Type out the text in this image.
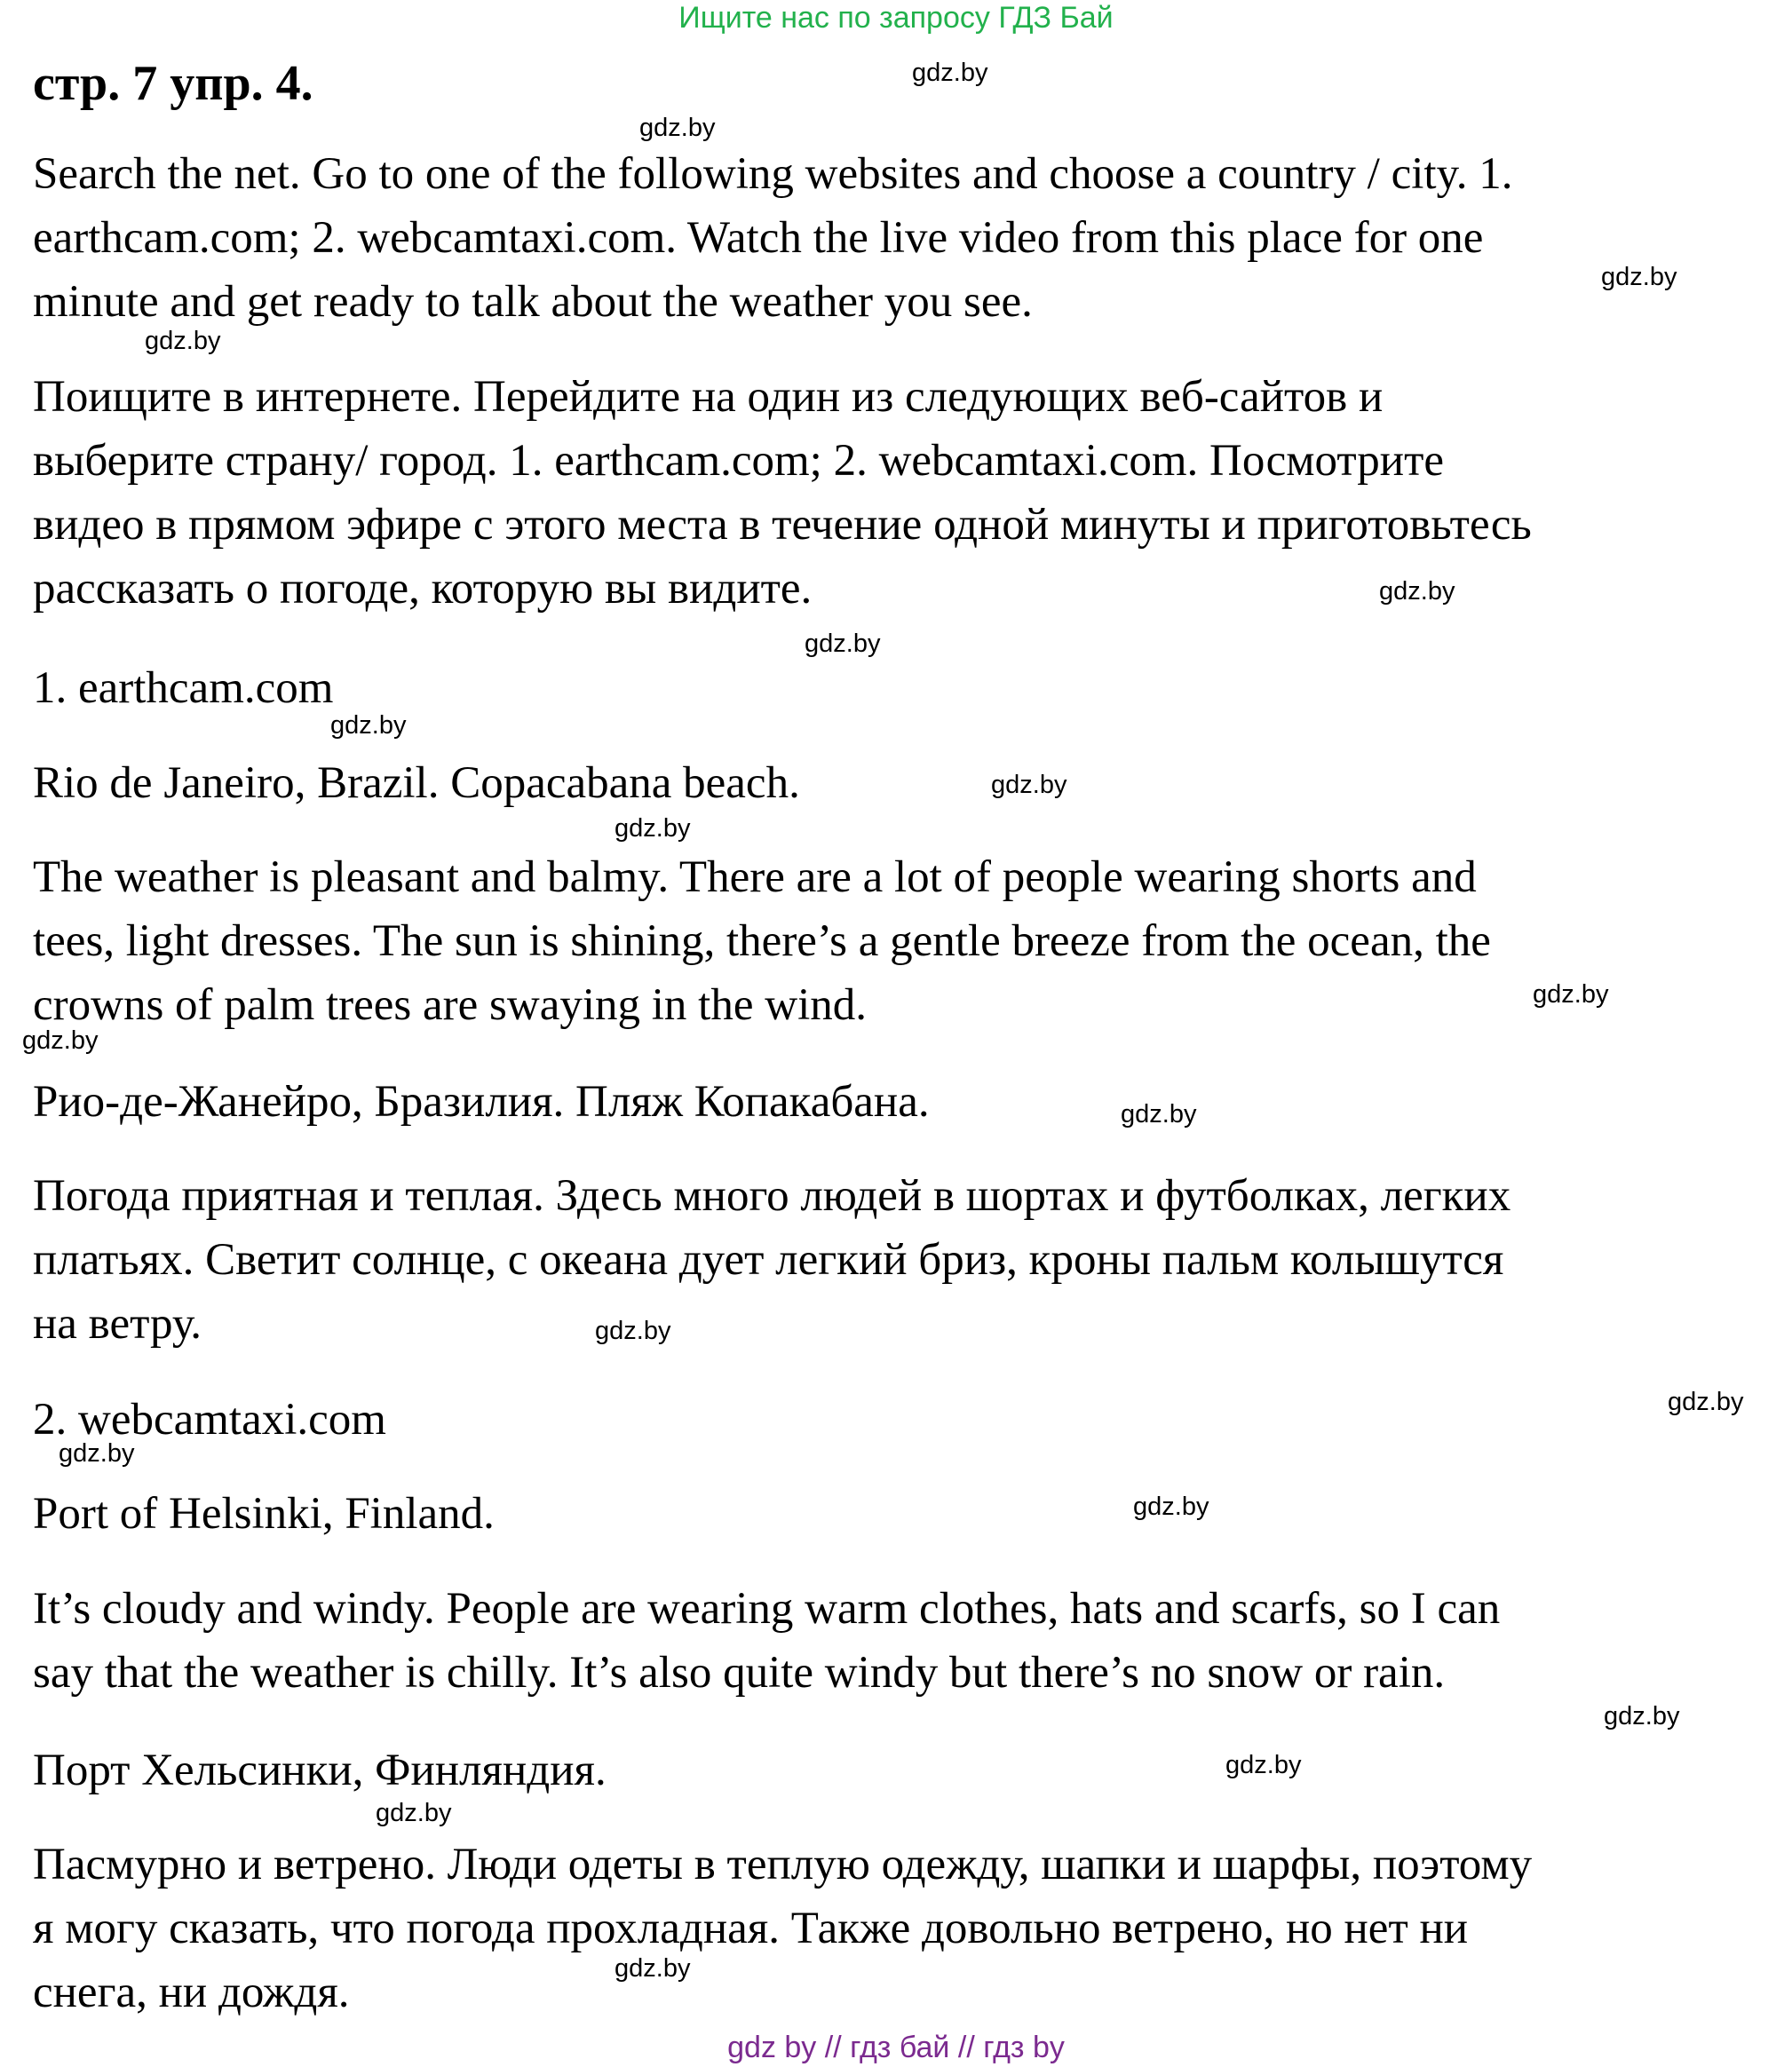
Ищите нас по запросу ГДЗ Бай
стр. 7 упр. 4.
Search the net. Go to one of the following websites and choose a country / city. 1.
earthcam.com; 2. webcamtaxi.com. Watch the live video from this place for one
minute and get ready to talk about the weather you see.
Поищите в интернете. Перейдите на один из следующих веб-сайтов и
выберите страну/ город. 1. earthcam.com; 2. webcamtaxi.com. Посмотрите
видео в прямом эфире с этого места в течение одной минуты и приготовьтесь
рассказать о погоде, которую вы видите.
1. earthcam.com
Rio de Janeiro, Brazil. Copacabana beach.
The weather is pleasant and balmy. There are a lot of people wearing shorts and
tees, light dresses. The sun is shining, there’s a gentle breeze from the ocean, the
crowns of palm trees are swaying in the wind.
Рио-де-Жанейро, Бразилия. Пляж Копакабана.
Погода приятная и теплая. Здесь много людей в шортах и футболках, легких
платьях. Светит солнце, с океана дует легкий бриз, кроны пальм колышутся
на ветру.
2. webcamtaxi.com
Port of Helsinki, Finland.
It’s cloudy and windy. People are wearing warm clothes, hats and scarfs, so I can
say that the weather is chilly. It’s also quite windy but there’s no snow or rain.
Порт Хельсинки, Финляндия.
Пасмурно и ветрено. Люди одеты в теплую одежду, шапки и шарфы, поэтому
я могу сказать, что погода прохладная. Также довольно ветрено, но нет ни
снега, ни дождя.
gdz.by
gdz.by
gdz.by
gdz.by
gdz.by
gdz.by
gdz.by
gdz.by
gdz.by
gdz.by
gdz.by
gdz.by
gdz.by
gdz.by
gdz.by
gdz.by
gdz.by
gdz.by
gdz.by
gdz.by
gdz by // гдз бай // гдз by
